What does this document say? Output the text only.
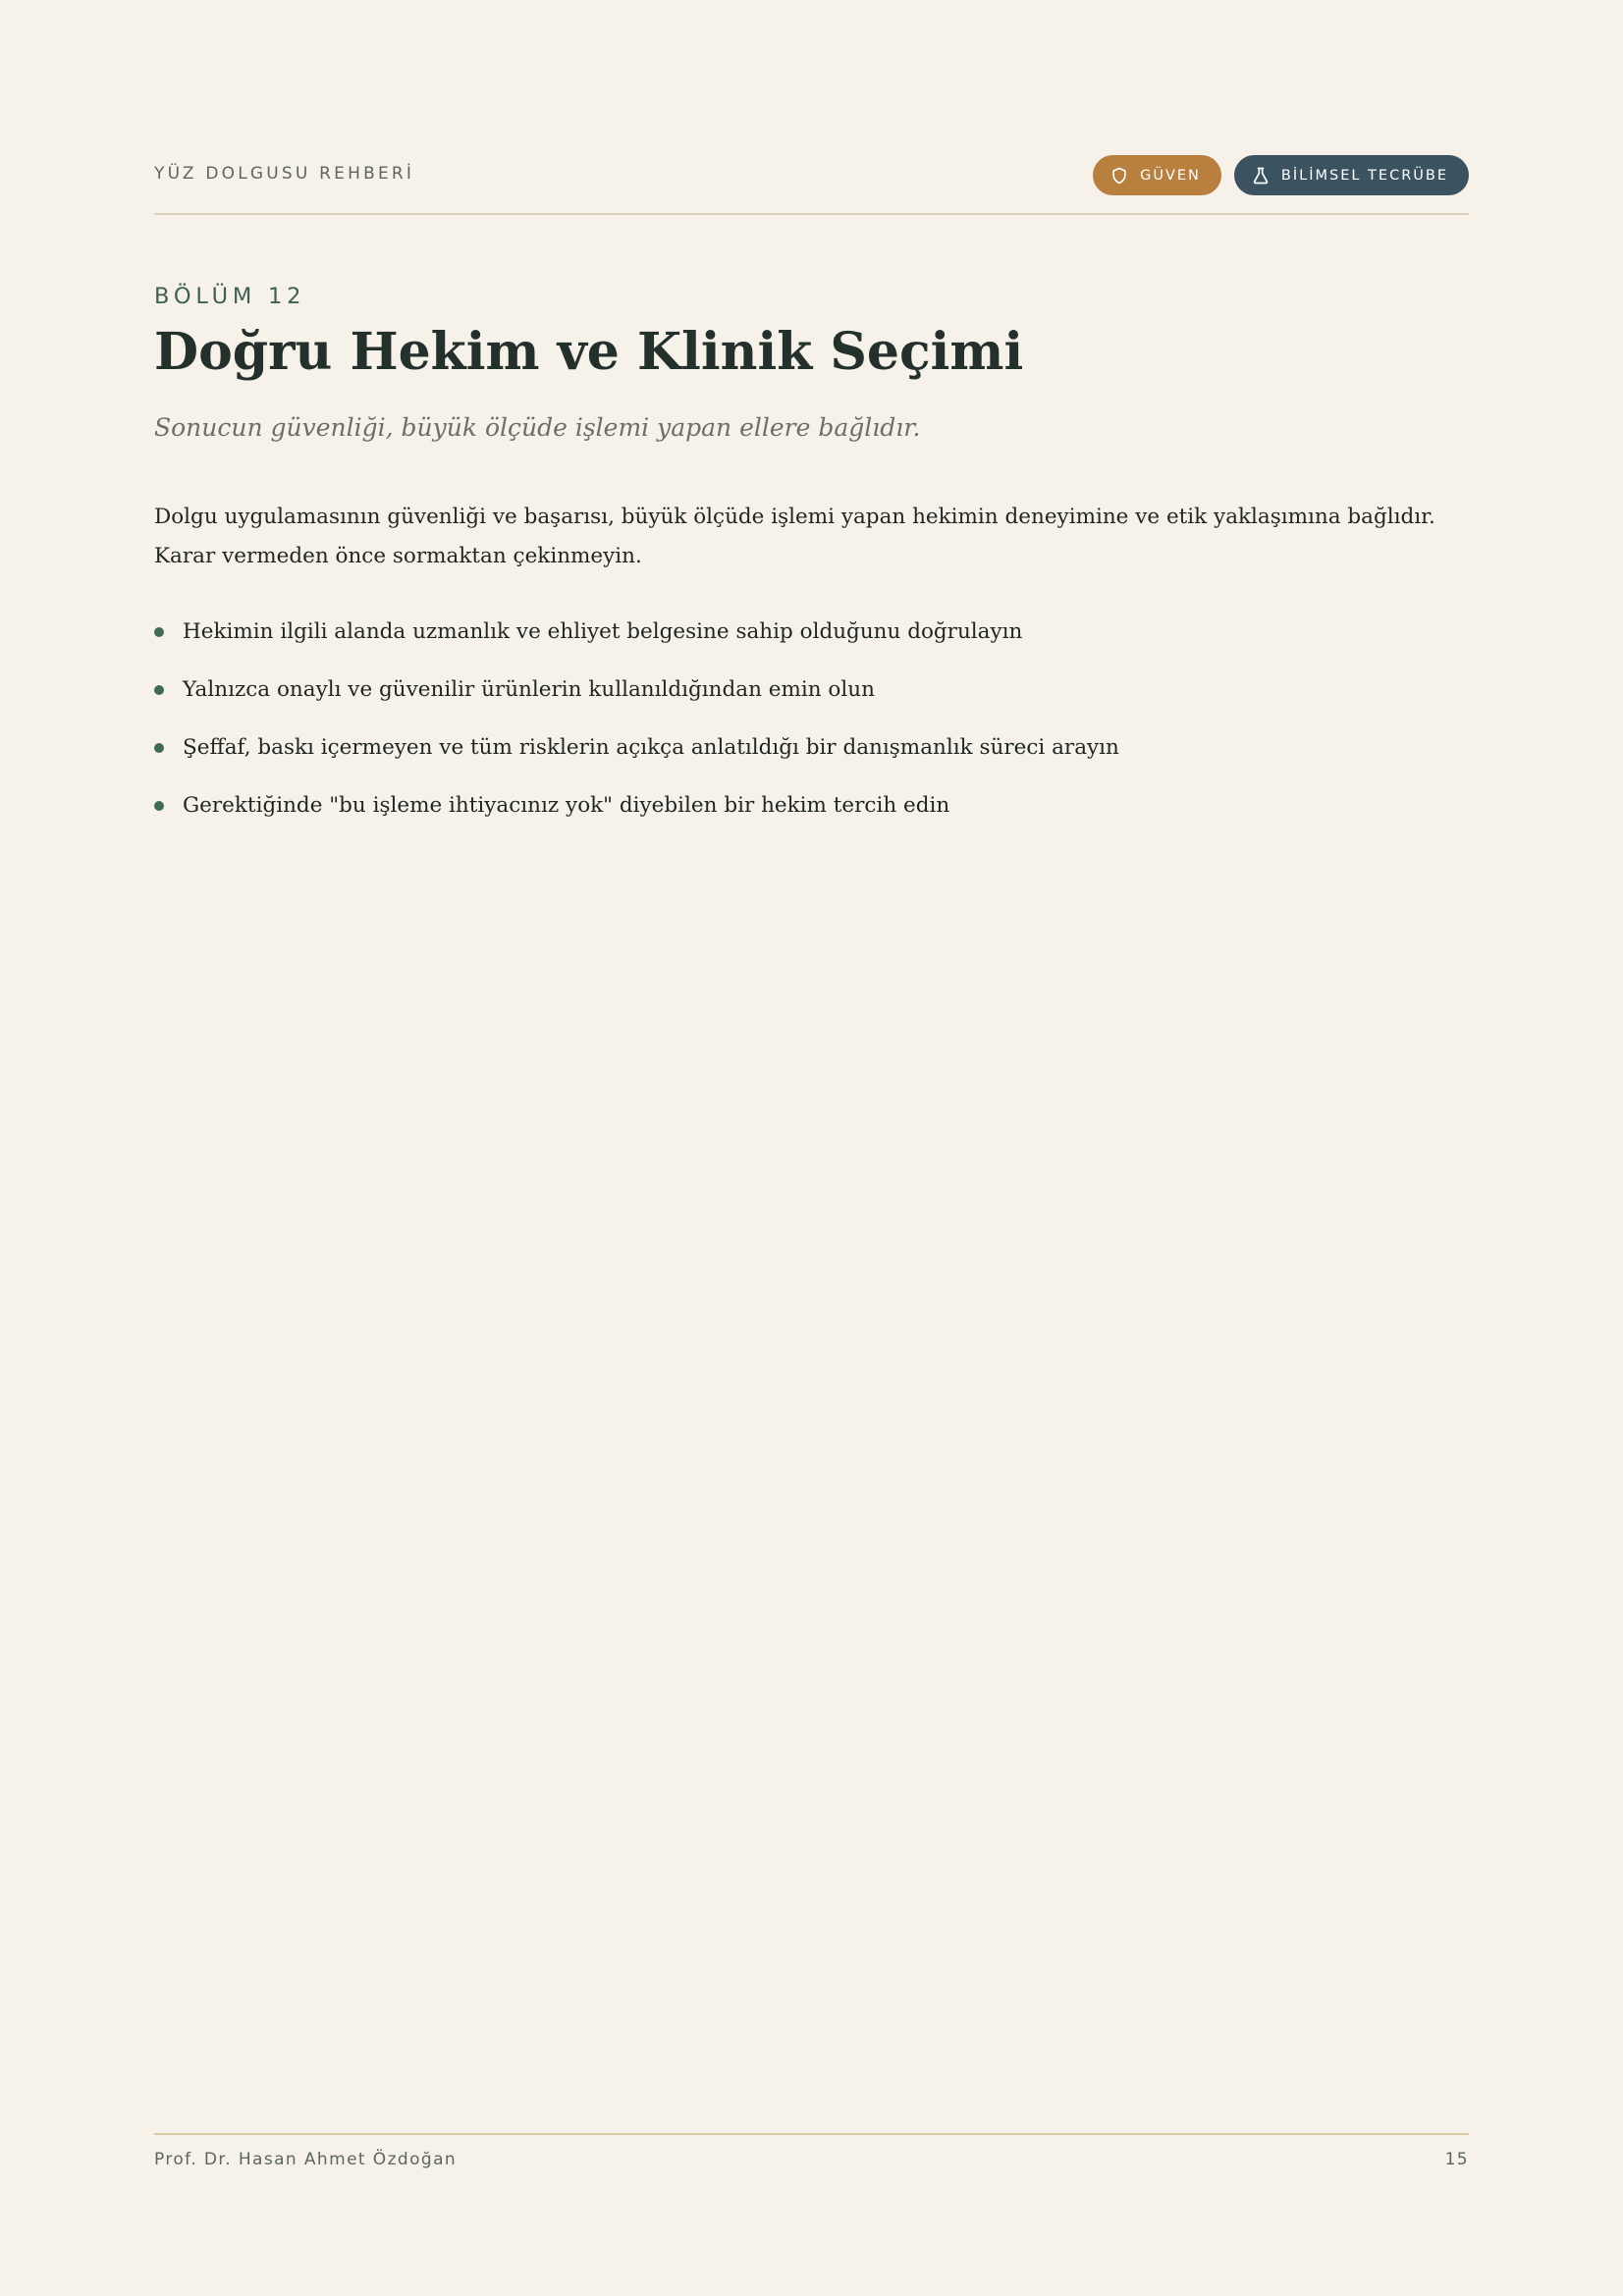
YÜZ DOLGUSU REHBERİ	GÜVEN	BİLİMSEL TECRÜBE
BÖLÜM 12
Doğru Hekim ve Klinik Seçimi
Sonucun güvenliği, büyük ölçüde işlemi yapan ellere bağlıdır.

Dolgu uygulamasının güvenliği ve başarısı, büyük ölçüde işlemi yapan hekimin deneyimine ve etik yaklaşımına bağlıdır. Karar vermeden önce sormaktan çekinmeyin.

Hekimin ilgili alanda uzmanlık ve ehliyet belgesine sahip olduğunu doğrulayın
Yalnızca onaylı ve güvenilir ürünlerin kullanıldığından emin olun
Şeffaf, baskı içermeyen ve tüm risklerin açıkça anlatıldığı bir danışmanlık süreci arayın
Gerektiğinde "bu işleme ihtiyacınız yok" diyebilen bir hekim tercih edin
Prof. Dr. Hasan Ahmet Özdoğan	15
